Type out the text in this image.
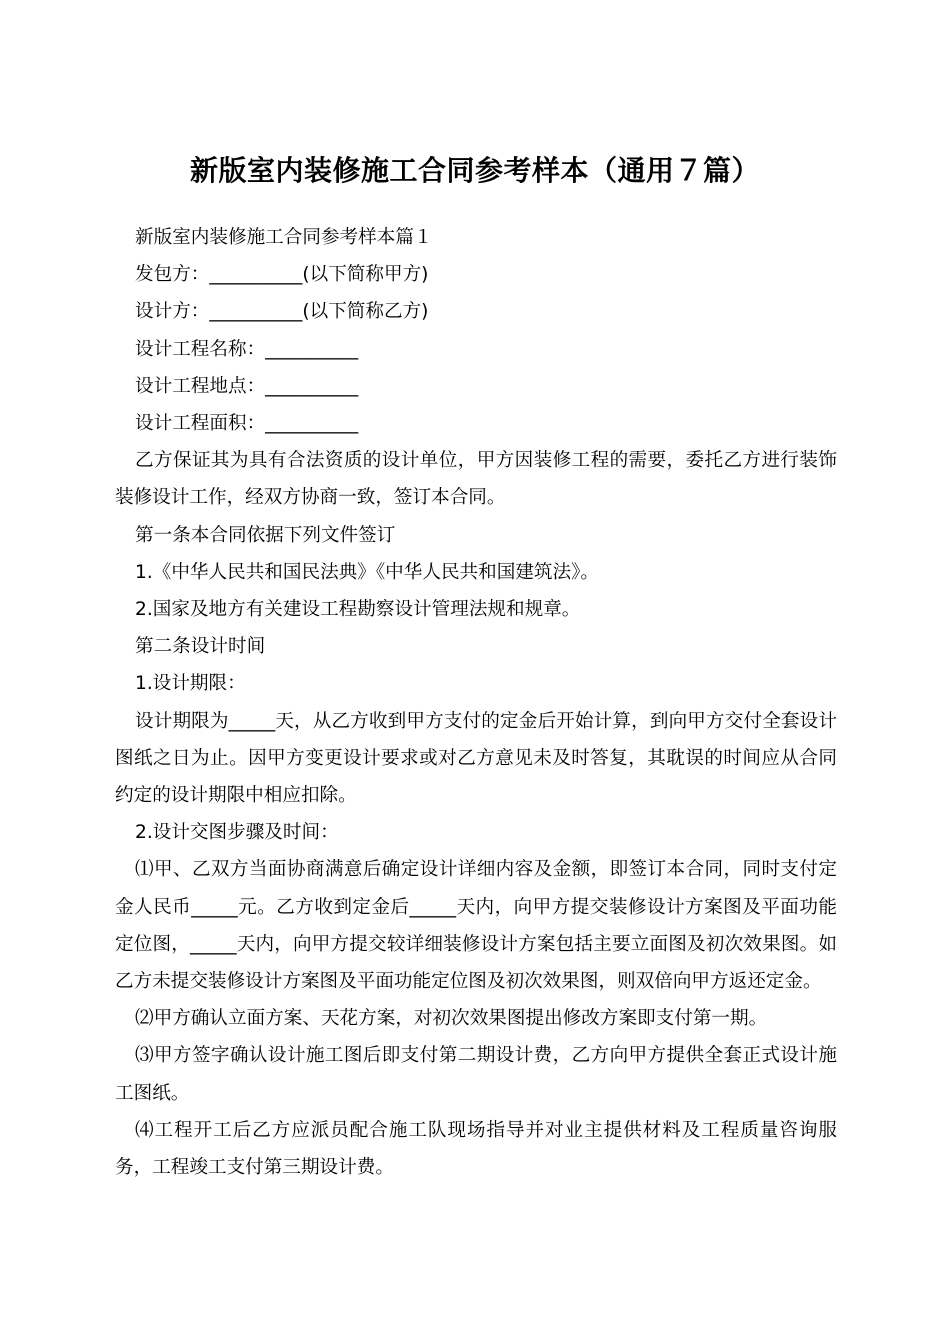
新版室内装修施工合同参考样本（通用７篇）

新版室内装修施工合同参考样本篇１

发包方：__________(以下简称甲方)

设计方：__________(以下简称乙方)

设计工程名称：__________

设计工程地点：__________

设计工程面积：__________

乙方保证其为具有合法资质的设计单位，甲方因装修工程的需要，委托乙方进行装饰装修设计工作，经双方协商一致，签订本合同。

第一条本合同依据下列文件签订

1.《中华人民共和国民法典》《中华人民共和国建筑法》。

2.国家及地方有关建设工程勘察设计管理法规和规章。

第二条设计时间

1.设计期限：

设计期限为_____天，从乙方收到甲方支付的定金后开始计算，到向甲方交付全套设计图纸之日为止。因甲方变更设计要求或对乙方意见未及时答复，其耽误的时间应从合同约定的设计期限中相应扣除。

2.设计交图步骤及时间：

⑴甲、乙双方当面协商满意后确定设计详细内容及金额，即签订本合同，同时支付定金人民币_____元。乙方收到定金后_____天内，向甲方提交装修设计方案图及平面功能定位图，_____天内，向甲方提交较详细装修设计方案包括主要立面图及初次效果图。如乙方未提交装修设计方案图及平面功能定位图及初次效果图，则双倍向甲方返还定金。

⑵甲方确认立面方案、天花方案，对初次效果图提出修改方案即支付第一期。

⑶甲方签字确认设计施工图后即支付第二期设计费，乙方向甲方提供全套正式设计施工图纸。

⑷工程开工后乙方应派员配合施工队现场指导并对业主提供材料及工程质量咨询服务，工程竣工支付第三期设计费。
